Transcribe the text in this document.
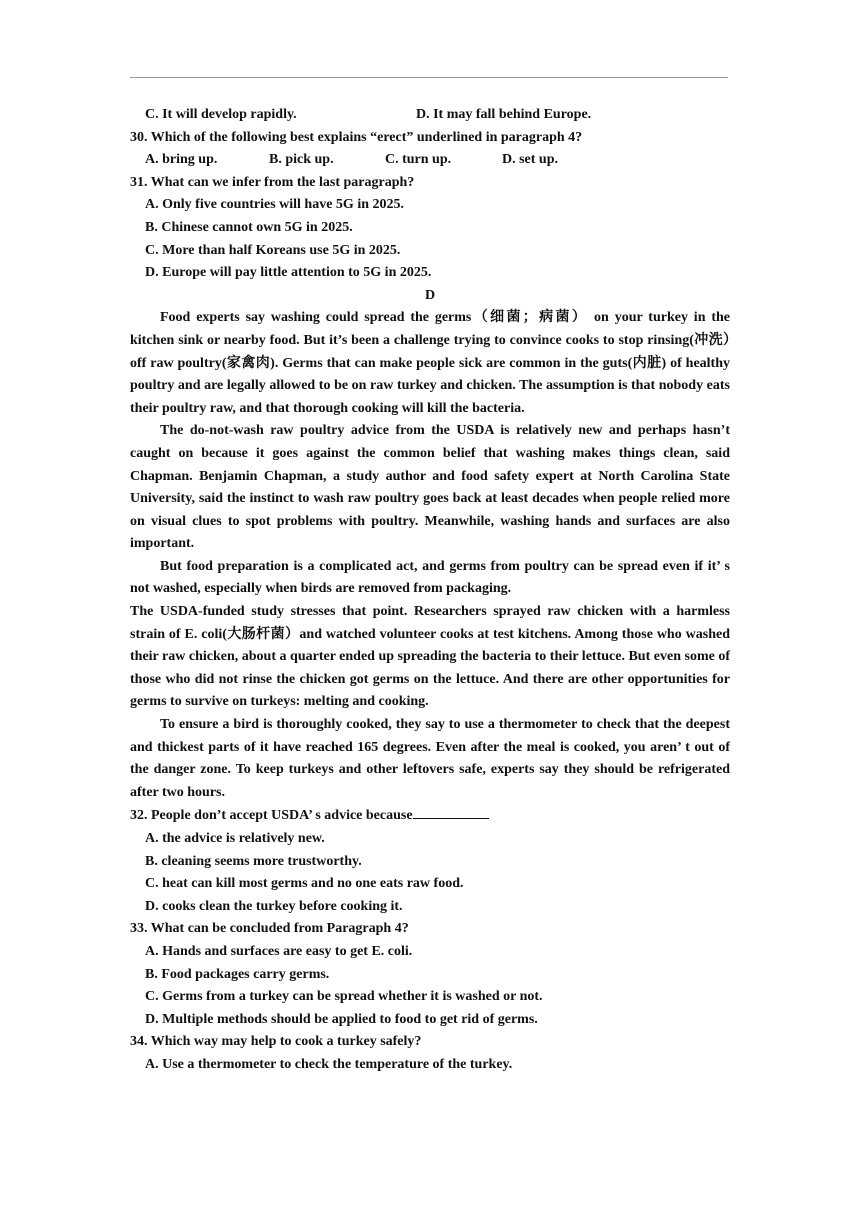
C. It will develop rapidly.	D. It may fall behind Europe.
30. Which of the following best explains “erect” underlined in paragraph 4?
A. bring up.	B. pick up.	C. turn up.	D. set up.
31. What can we infer from the last paragraph?
A. Only five countries will have 5G in 2025.
B. Chinese cannot own 5G in 2025.
C. More than half Koreans use 5G in 2025.
D. Europe will pay little attention to 5G in 2025.
D
Food experts say washing could spread the germs（细菌；病菌） on your turkey in the kitchen sink or nearby food. But it’s been a challenge trying to convince cooks to stop rinsing(冲洗）off raw poultry(家禽肉). Germs that can make people sick are common in the guts(内脏) of healthy poultry and are legally allowed to be on raw turkey and chicken. The assumption is that nobody eats their poultry raw, and that thorough cooking will kill the bacteria.
The do-not-wash raw poultry advice from the USDA is relatively new and perhaps hasn’t caught on because it goes against the common belief that washing makes things clean, said Chapman. Benjamin Chapman, a study author and food safety expert at North Carolina State University, said the instinct to wash raw poultry goes back at least decades when people relied more on visual clues to spot problems with poultry. Meanwhile, washing hands and surfaces are also important.
But food preparation is a complicated act, and germs from poultry can be spread even if it’ s not washed, especially when birds are removed from packaging.
The USDA-funded study stresses that point. Researchers sprayed raw chicken with a harmless strain of E. coli(大肠杆菌）and watched volunteer cooks at test kitchens. Among those who washed their raw chicken, about a quarter ended up spreading the bacteria to their lettuce. But even some of those who did not rinse the chicken got germs on the lettuce. And there are other opportunities for germs to survive on turkeys: melting and cooking.
To ensure a bird is thoroughly cooked, they say to use a thermometer to check that the deepest and thickest parts of it have reached 165 degrees. Even after the meal is cooked, you aren’ t out of the danger zone. To keep turkeys and other leftovers safe, experts say they should be refrigerated after two hours.
32. People don’t accept USDA’ s advice because
A. the advice is relatively new.
B. cleaning seems more trustworthy.
C. heat can kill most germs and no one eats raw food.
D. cooks clean the turkey before cooking it.
33. What can be concluded from Paragraph 4?
A. Hands and surfaces are easy to get E. coli.
B. Food packages carry germs.
C. Germs from a turkey can be spread whether it is washed or not.
D. Multiple methods should be applied to food to get rid of germs.
34. Which way may help to cook a turkey safely?
A. Use a thermometer to check the temperature of the turkey.
